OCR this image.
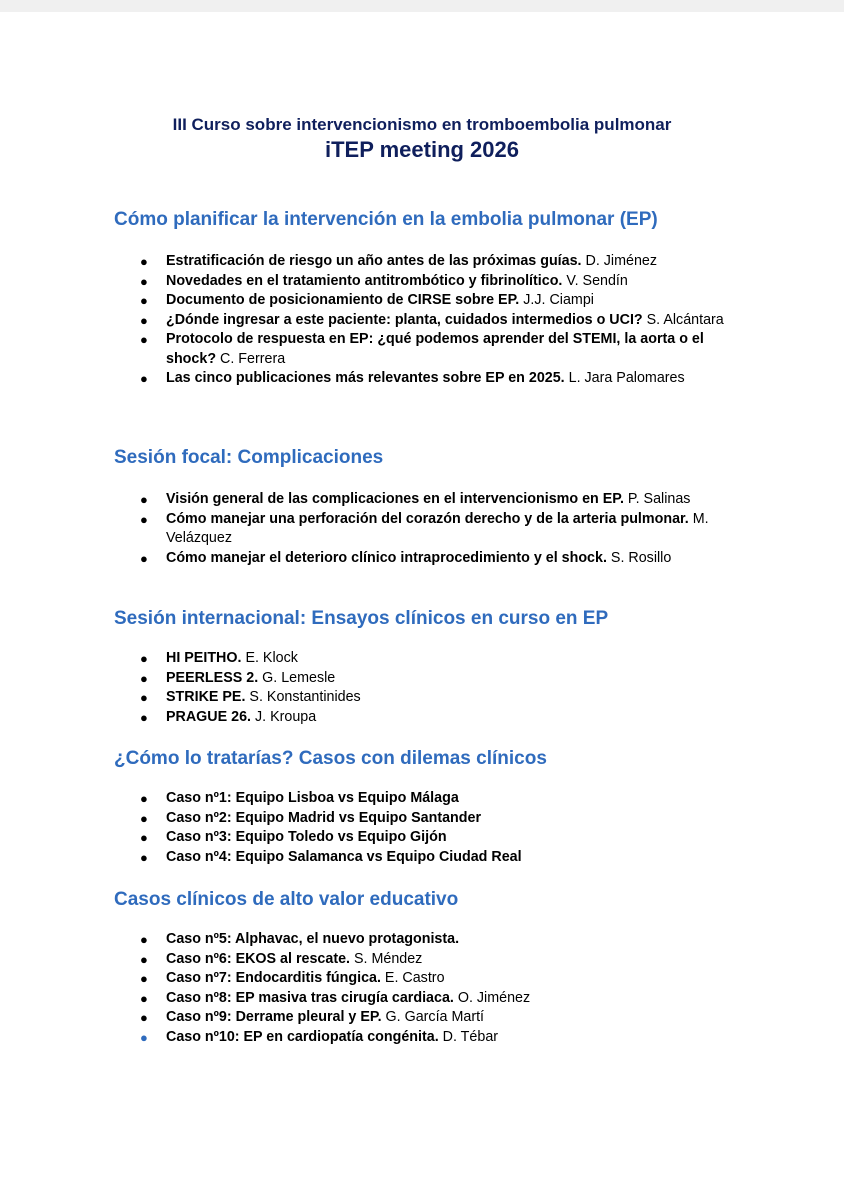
III Curso sobre intervencionismo en tromboembolia pulmonar
iTEP meeting 2026
Cómo planificar la intervención en la embolia pulmonar (EP)
● Estratificación de riesgo un año antes de las próximas guías. D. Jiménez
● Novedades en el tratamiento antitrombótico y fibrinolítico. V. Sendín
● Documento de posicionamiento de CIRSE sobre EP. J.J. Ciampi
● ¿Dónde ingresar a este paciente: planta, cuidados intermedios o UCI? S. Alcántara
● Protocolo de respuesta en EP: ¿qué podemos aprender del STEMI, la aorta o el shock? C. Ferrera
● Las cinco publicaciones más relevantes sobre EP en 2025. L. Jara Palomares
Sesión focal: Complicaciones
● Visión general de las complicaciones en el intervencionismo en EP. P. Salinas
● Cómo manejar una perforación del corazón derecho y de la arteria pulmonar. M. Velázquez
● Cómo manejar el deterioro clínico intraprocedimiento y el shock. S. Rosillo
Sesión internacional: Ensayos clínicos en curso en EP
● HI PEITHO. E. Klock
● PEERLESS 2. G. Lemesle
● STRIKE PE. S. Konstantinides
● PRAGUE 26. J. Kroupa
¿Cómo lo tratarías? Casos con dilemas clínicos
● Caso nº1: Equipo Lisboa vs Equipo Málaga
● Caso nº2: Equipo Madrid vs Equipo Santander
● Caso nº3: Equipo Toledo vs Equipo Gijón
● Caso nº4: Equipo Salamanca vs Equipo Ciudad Real
Casos clínicos de alto valor educativo
● Caso nº5: Alphavac, el nuevo protagonista.
● Caso nº6: EKOS al rescate. S. Méndez
● Caso nº7: Endocarditis fúngica. E. Castro
● Caso nº8: EP masiva tras cirugía cardiaca. O. Jiménez
● Caso nº9: Derrame pleural y EP. G. García Martí
● Caso nº10: EP en cardiopatía congénita. D. Tébar
